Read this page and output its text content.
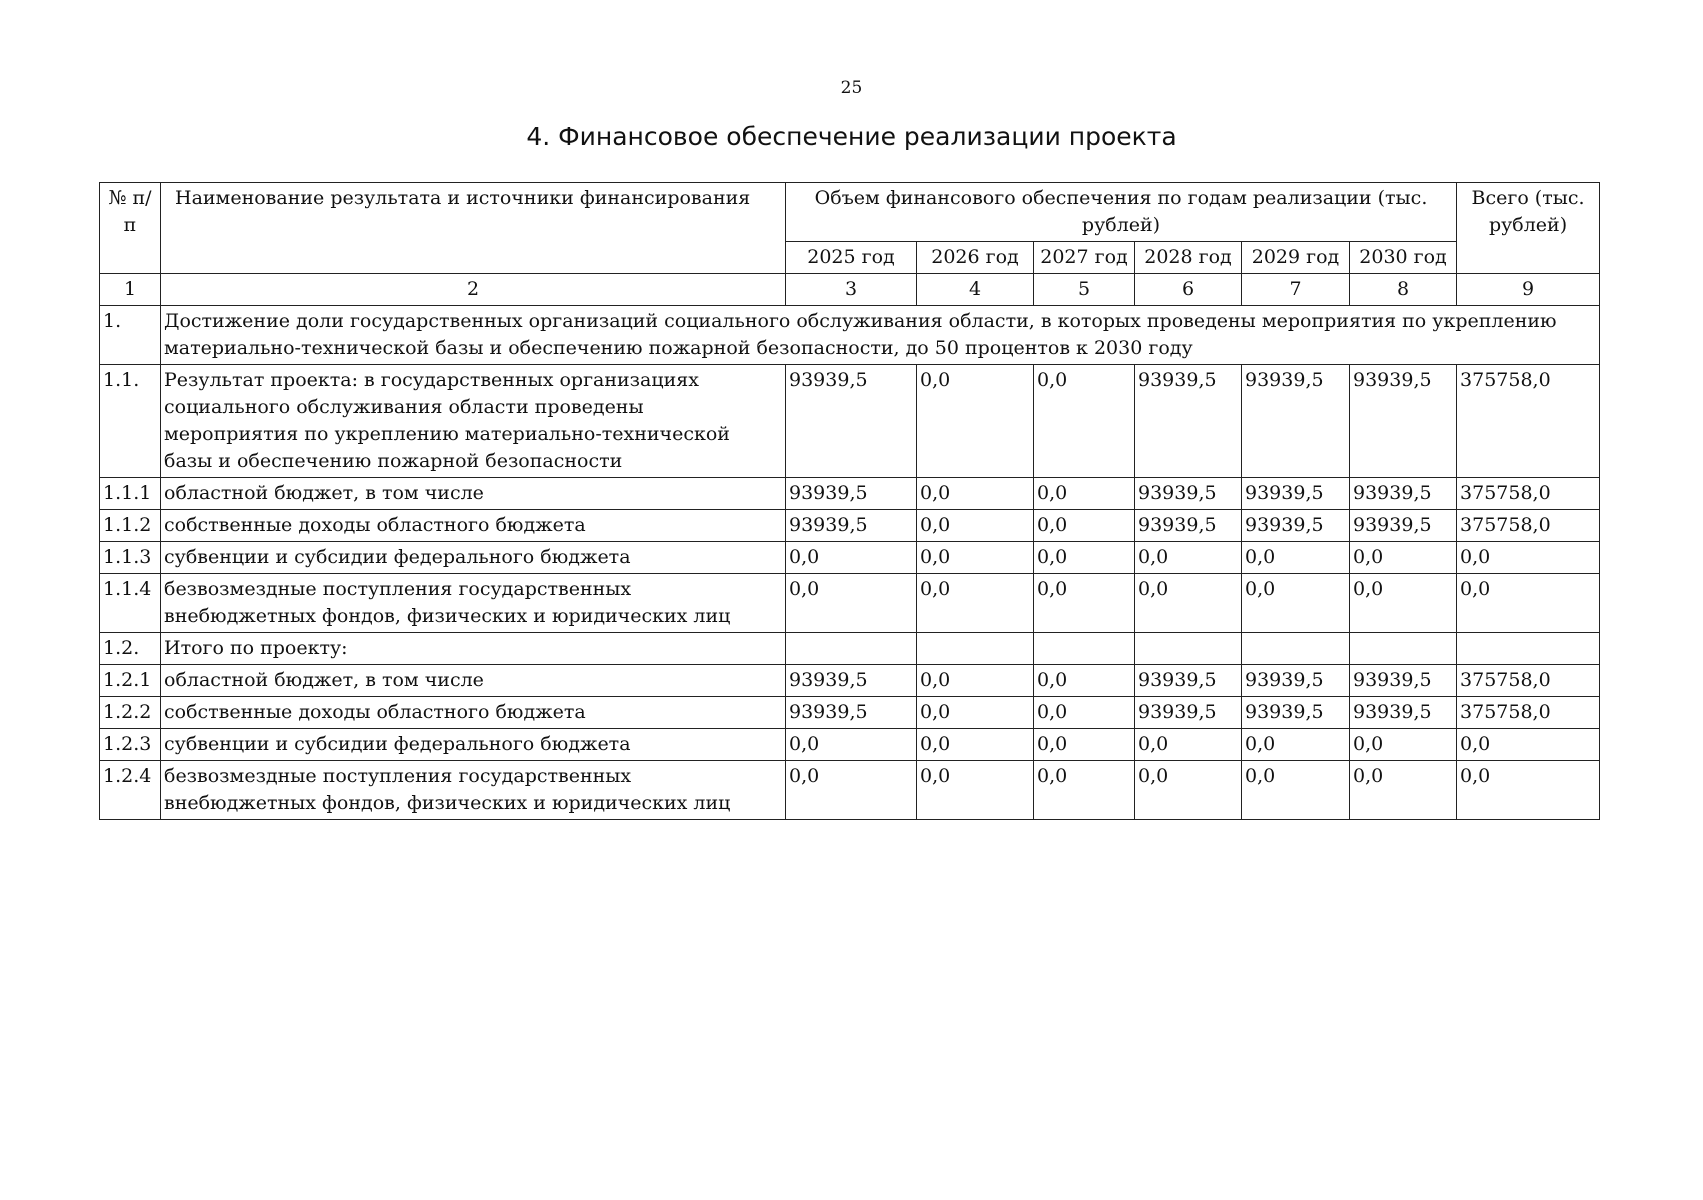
25
4. Финансовое обеспечение реализации проекта
№ п/п	Наименование результата и источники финансирования	Объем финансового обеспечения по годам реализации (тыс. рублей)						Всего (тыс. рублей)
		2025 год	2026 год	2027 год	2028 год	2029 год	2030 год	
1	2	3	4	5	6	7	8	9
1.	Достижение доли государственных организаций социального обслуживания области, в которых проведены мероприятия по укреплению материально-технической базы и обеспечению пожарной безопасности, до 50 процентов к 2030 году							
1.1.	Результат проекта: в государственных организациях социального обслуживания области проведены мероприятия по укреплению материально-технической базы и обеспечению пожарной безопасности	93939,5	0,0	0,0	93939,5	93939,5	93939,5	375758,0
1.1.1	областной бюджет, в том числе	93939,5	0,0	0,0	93939,5	93939,5	93939,5	375758,0
1.1.2	собственные доходы областного бюджета	93939,5	0,0	0,0	93939,5	93939,5	93939,5	375758,0
1.1.3	субвенции и субсидии федерального бюджета	0,0	0,0	0,0	0,0	0,0	0,0	0,0
1.1.4	безвозмездные поступления государственных внебюджетных фондов, физических и юридических лиц	0,0	0,0	0,0	0,0	0,0	0,0	0,0
1.2.	Итого по проекту:							
1.2.1	областной бюджет, в том числе	93939,5	0,0	0,0	93939,5	93939,5	93939,5	375758,0
1.2.2	собственные доходы областного бюджета	93939,5	0,0	0,0	93939,5	93939,5	93939,5	375758,0
1.2.3	субвенции и субсидии федерального бюджета	0,0	0,0	0,0	0,0	0,0	0,0	0,0
1.2.4	безвозмездные поступления государственных внебюджетных фондов, физических и юридических лиц	0,0	0,0	0,0	0,0	0,0	0,0	0,0
